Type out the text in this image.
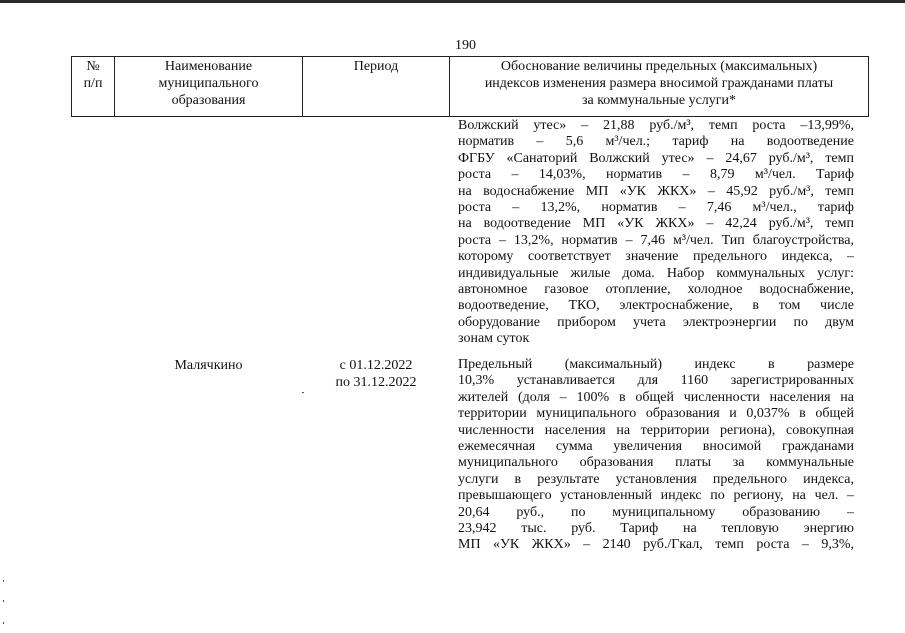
190
№
п/п
Наименование
муниципального
образования
Период	Обоснование величины предельных (максимальных)
индексов изменения размера вносимой гражданами платы
за коммунальные услуги*
Волжский утес» – 21,88 руб./м³, темп роста –13,99%,
норматив – 5,6 м³/чел.; тариф на водоотведение
ФГБУ «Санаторий Волжский утес» – 24,67 руб./м³, темп
роста – 14,03%, норматив – 8,79 м³/чел. Тариф
на водоснабжение МП «УК ЖКХ» – 45,92 руб./м³, темп
роста – 13,2%, норматив – 7,46 м³/чел., тариф
на водоотведение МП «УК ЖКХ» – 42,24 руб./м³, темп
роста – 13,2%, норматив – 7,46 м³/чел. Тип благоустройства,
которому соответствует значение предельного индекса, –
индивидуальные жилые дома. Набор коммунальных услуг:
автономное газовое отопление, холодное водоснабжение,
водоотведение, ТКО, электроснабжение, в том числе
оборудование прибором учета электроэнергии по двум
зонам суток
Малячкино	с 01.12.2022
по 31.12.2022
Предельный (максимальный) индекс в размере
10,3% устанавливается для 1160 зарегистрированных
жителей (доля – 100% в общей численности населения на
территории муниципального образования и 0,037% в общей
численности населения на территории региона), совокупная
ежемесячная сумма увеличения вносимой гражданами
муниципального образования платы за коммунальные
услуги в результате установления предельного индекса,
превышающего установленный индекс по региону, на чел. –
20,64 руб., по муниципальному образованию –
23,942 тыс. руб. Тариф на тепловую энергию
МП «УК ЖКХ» – 2140 руб./Гкал, темп роста – 9,3%,
